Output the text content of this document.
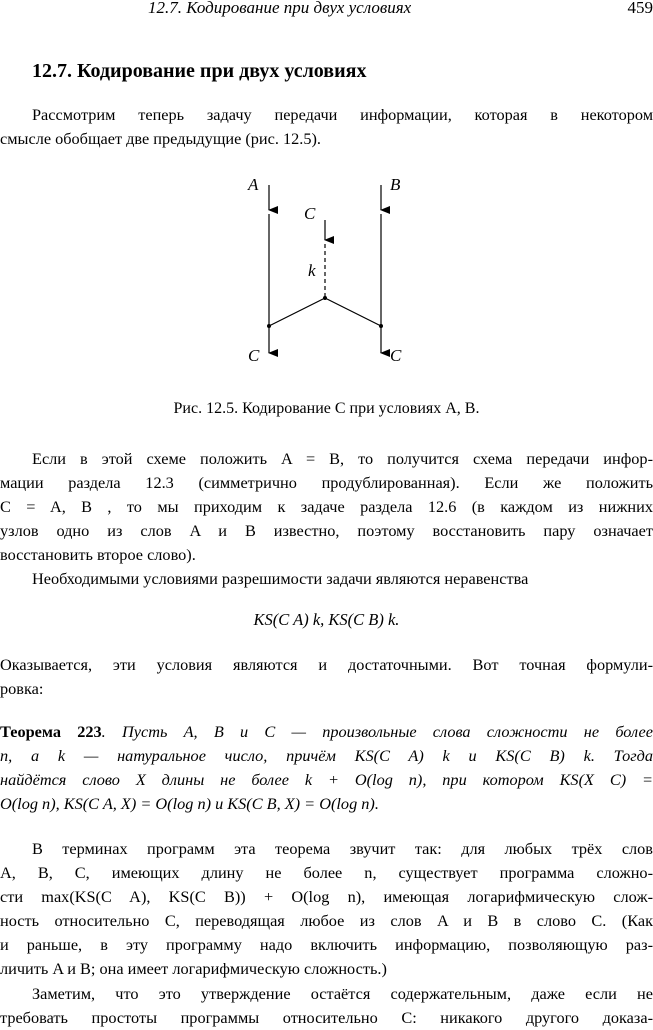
12.7. Кодирование при двух условиях	459
12.7. Кодирование при двух условиях
Рассмотрим теперь задачу передачи информации, которая в некотором
смысле обобщает две предыдущие (рис. 12.5).
A	B
C
k
C	C
Рис. 12.5. Кодирование C при условиях A, B.
Если в этой схеме положить A = B, то получится схема передачи инфор-
мации раздела 12.3 (симметрично продублированная). Если же положить
C = A, B , то мы приходим к задаче раздела 12.6 (в каждом из нижних
узлов одно из слов A и B известно, поэтому восстановить пару означает
восстановить второе слово).
Необходимыми условиями разрешимости задачи являются неравенства
KS(C A) k, KS(C B) k.
Оказывается, эти условия являются и достаточными. Вот точная формули-
ровка:
Теорема 223. Пусть A, B и C — произвольные слова сложности не более
n, а k — натуральное число, причём KS(C A) k и KS(C B) k. Тогда
найдётся слово X длины не более k + O(log n), при котором KS(X C) =
O(log n), KS(C A, X) = O(log n) и KS(C B, X) = O(log n).
В терминах программ эта теорема звучит так: для любых трёх слов
A, B, C, имеющих длину не более n, существует программа сложно-
сти max(KS(C A), KS(C B)) + O(log n), имеющая логарифмическую слож-
ность относительно C, переводящая любое из слов A и B в слово C. (Как
и раньше, в эту программу надо включить информацию, позволяющую раз-
личить A и B; она имеет логарифмическую сложность.)
Заметим, что это утверждение остаётся содержательным, даже если не
требовать простоты программы относительно C: никакого другого доказа-
